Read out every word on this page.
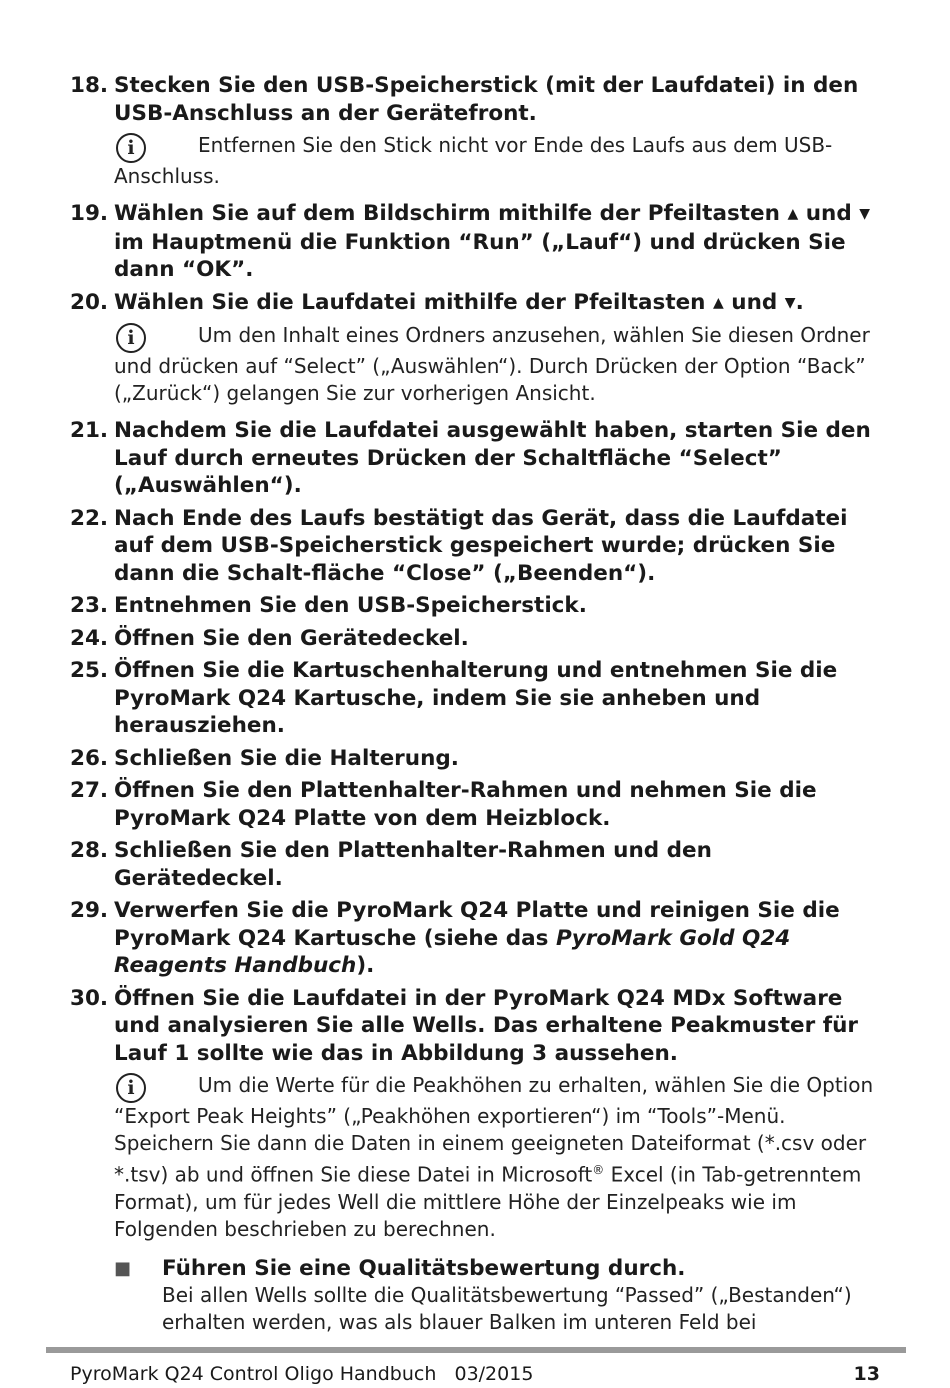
18. Stecken Sie den USB-Speicherstick (mit der Laufdatei) in den USB-Anschluss an der Gerätefront.
i	Entfernen Sie den Stick nicht vor Ende des Laufs aus dem USB-Anschluss.
19. Wählen Sie auf dem Bildschirm mithilfe der Pfeiltasten ▲ und ▼ im Hauptmenü die Funktion “Run” („Lauf“) und drücken Sie dann “OK”.
20. Wählen Sie die Laufdatei mithilfe der Pfeiltasten ▲ und ▼.
i	Um den Inhalt eines Ordners anzusehen, wählen Sie diesen Ordner und drücken auf “Select” („Auswählen“). Durch Drücken der Option “Back” („Zurück“) gelangen Sie zur vorherigen Ansicht.
21. Nachdem Sie die Laufdatei ausgewählt haben, starten Sie den Lauf durch erneutes Drücken der Schaltfläche “Select” („Auswählen“).
22. Nach Ende des Laufs bestätigt das Gerät, dass die Laufdatei auf dem USB-Speicherstick gespeichert wurde; drücken Sie dann die Schalt-fläche “Close” („Beenden“).
23. Entnehmen Sie den USB-Speicherstick.
24. Öffnen Sie den Gerätedeckel.
25. Öffnen Sie die Kartuschenhalterung und entnehmen Sie die PyroMark Q24 Kartusche, indem Sie sie anheben und herausziehen.
26. Schließen Sie die Halterung.
27. Öffnen Sie den Plattenhalter-Rahmen und nehmen Sie die PyroMark Q24 Platte von dem Heizblock.
28. Schließen Sie den Plattenhalter-Rahmen und den Gerätedeckel.
29. Verwerfen Sie die PyroMark Q24 Platte und reinigen Sie die PyroMark Q24 Kartusche (siehe das PyroMark Gold Q24 Reagents Handbuch).
30. Öffnen Sie die Laufdatei in der PyroMark Q24 MDx Software und analysieren Sie alle Wells. Das erhaltene Peakmuster für Lauf 1 sollte wie das in Abbildung 3 aussehen.
i	Um die Werte für die Peakhöhen zu erhalten, wählen Sie die Option “Export Peak Heights” („Peakhöhen exportieren“) im “Tools”-Menü. Speichern Sie dann die Daten in einem geeigneten Dateiformat (*.csv oder *.tsv) ab und öffnen Sie diese Datei in Microsoft® Excel (in Tab-getrenntem Format), um für jedes Well die mittlere Höhe der Einzelpeaks wie im Folgenden beschrieben zu berechnen.
■	Führen Sie eine Qualitätsbewertung durch.
Bei allen Wells sollte die Qualitätsbewertung “Passed” („Bestanden“) erhalten werden, was als blauer Balken im unteren Feld bei
PyroMark Q24 Control Oligo Handbuch   03/2015	13
